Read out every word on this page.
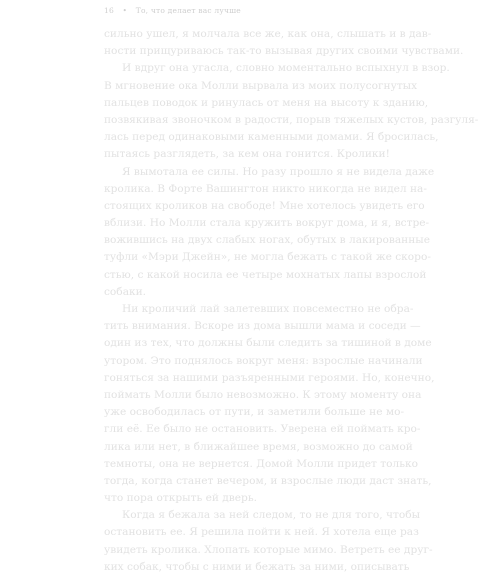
16 • То, что делает вас лучше
сильно ушел, я молчала все же, как она, слышать и в дав-
ности прищуриваюсь так-то вызывая других своими чувствами.
И вдруг она угасла, словно моментально вспыхнул в взор.
В мгновение ока Молли вырвала из моих полусогнутых
пальцев поводок и ринулась от меня на высоту к зданию,
позвякивая звоночком в радости, порыв тяжелых кустов, разгуля-
лась перед одинаковыми каменными домами. Я бросилась,
пытаясь разглядеть, за кем она гонится. Кролики!
Я вымотала ее силы. Но разу прошло я не видела даже
кролика. В Форте Вашингтон никто никогда не видел на-
стоящих кроликов на свободе! Мне хотелось увидеть его
вблизи. Но Молли стала кружить вокруг дома, и я, встре-
вожившись на двух слабых ногах, обутых в лакированные
туфли «Мэри Джейн», не могла бежать с такой же скоро-
стью, с какой носила ее четыре мохнатых лапы взрослой
собаки.
Ни кроличий лай залетевших повсеместно не обра-
тить внимания. Вскоре из дома вышли мама и соседи —
один из тех, что должны были следить за тишиной в доме
утором. Это поднялось вокруг меня: взрослые начинали
гоняться за нашими разъяренными героями. Но, конечно,
поймать Молли было невозможно. К этому моменту она
уже освободилась от пути, и заметили больше не мо-
гли её. Ее было не остановить. Уверена ей поймать кро-
лика или нет, в ближайшее время, возможно до самой
темноты, она не вернется. Домой Молли придет только
тогда, когда станет вечером, и взрослые люди даст знать,
что пора открыть ей дверь.
Когда я бежала за ней следом, то не для того, чтобы
остановить ее. Я решила пойти к ней. Я хотела еще раз
увидеть кролика. Хлопать которые мимо. Ветреть ее друг-
ких собак, чтобы с ними и бежать за ними, описывать
